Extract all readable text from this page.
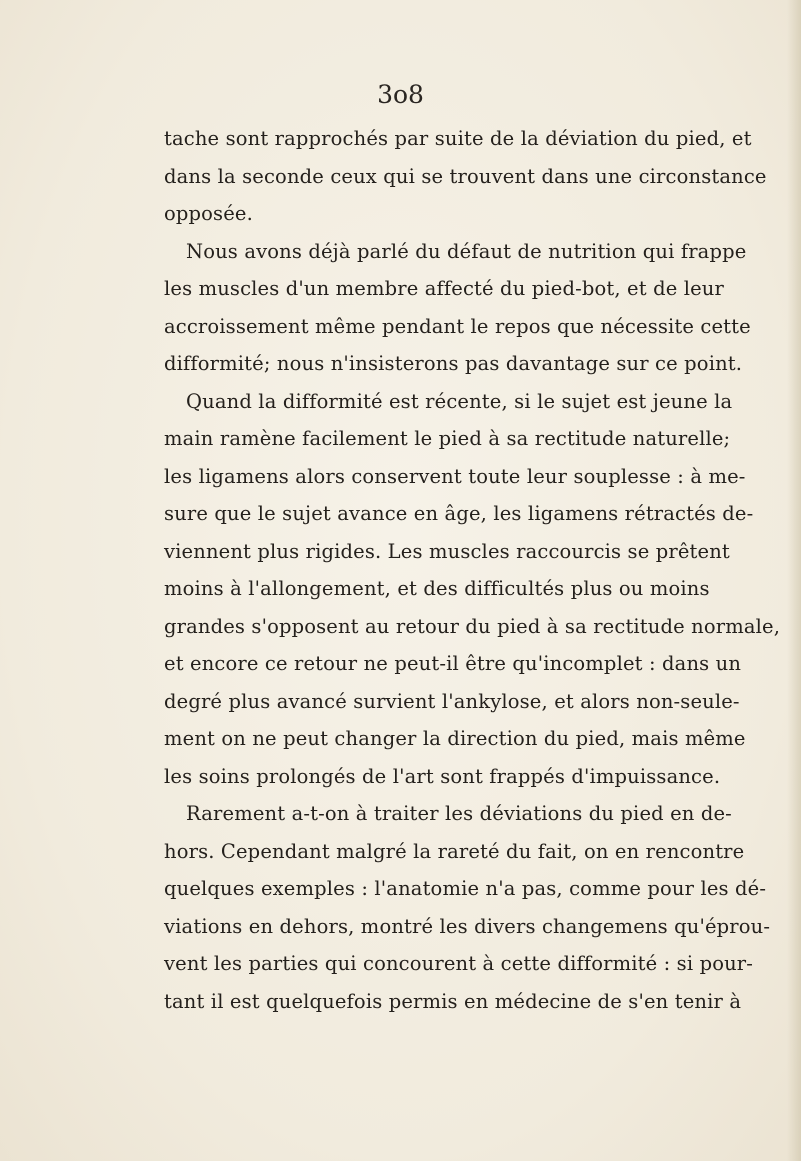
3o8
tache sont rapprochés par suite de la déviation du pied, et
dans la seconde ceux qui se trouvent dans une circonstance
opposée.
Nous avons déjà parlé du défaut de nutrition qui frappe
les muscles d'un membre affecté du pied-bot, et de leur
accroissement même pendant le repos que nécessite cette
difformité; nous n'insisterons pas davantage sur ce point.
Quand la difformité est récente, si le sujet est jeune la
main ramène facilement le pied à sa rectitude naturelle;
les ligamens alors conservent toute leur souplesse : à me-
sure que le sujet avance en âge, les ligamens rétractés de-
viennent plus rigides. Les muscles raccourcis se prêtent
moins à l'allongement, et des difficultés plus ou moins
grandes s'opposent au retour du pied à sa rectitude normale,
et encore ce retour ne peut-il être qu'incomplet : dans un
degré plus avancé survient l'ankylose, et alors non-seule-
ment on ne peut changer la direction du pied, mais même
les soins prolongés de l'art sont frappés d'impuissance.
Rarement a-t-on à traiter les déviations du pied en de-
hors. Cependant malgré la rareté du fait, on en rencontre
quelques exemples : l'anatomie n'a pas, comme pour les dé-
viations en dehors, montré les divers changemens qu'éprou-
vent les parties qui concourent à cette difformité : si pour-
tant il est quelquefois permis en médecine de s'en tenir à
